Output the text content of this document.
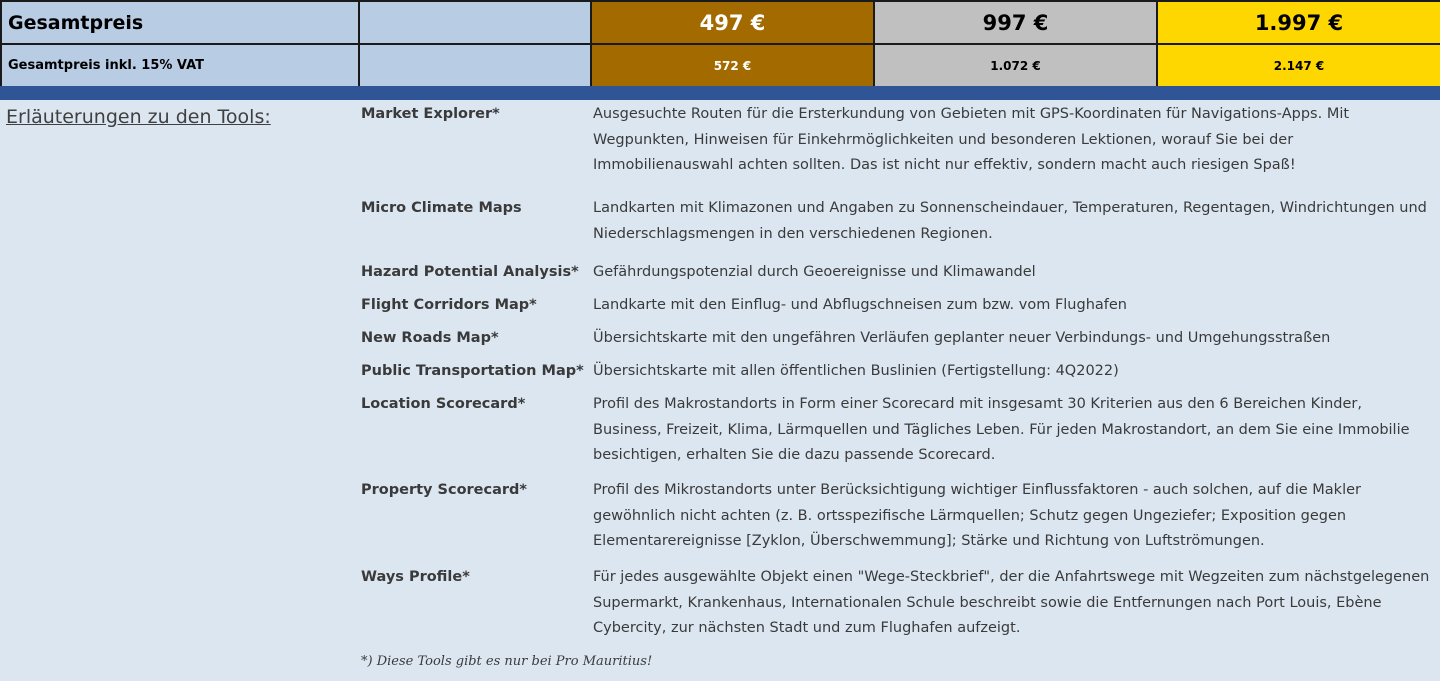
Gesamtpreis		497 €	997 €	1.997 €
Gesamtpreis inkl. 15% VAT		572 €	1.072 €	2.147 €
Erläuterungen zu den Tools:	Market Explorer*	Ausgesuchte Routen für die Ersterkundung von Gebieten mit GPS-Koordinaten für Navigations-Apps. Mit Wegpunkten, Hinweisen für Einkehrmöglichkeiten und besonderen Lektionen, worauf Sie bei der Immobilienauswahl achten sollten. Das ist nicht nur effektiv, sondern macht auch riesigen Spaß!
Micro Climate Maps	Landkarten mit Klimazonen und Angaben zu Sonnenscheindauer, Temperaturen, Regentagen, Windrichtungen und Niederschlagsmengen in den verschiedenen Regionen.
Hazard Potential Analysis* Gefährdungspotenzial durch Geoereignisse und Klimawandel
Flight Corridors Map*	Landkarte mit den Einflug- und Abflugschneisen zum bzw. vom Flughafen
New Roads Map*	Übersichtskarte mit den ungefähren Verläufen geplanter neuer Verbindungs- und Umgehungsstraßen
Public Transportation Map* Übersichtskarte mit allen öffentlichen Buslinien (Fertigstellung: 4Q2022)
Location Scorecard*	Profil des Makrostandorts in Form einer Scorecard mit insgesamt 30 Kriterien aus den 6 Bereichen Kinder, Business, Freizeit, Klima, Lärmquellen und Tägliches Leben. Für jeden Makrostandort, an dem Sie eine Immobilie besichtigen, erhalten Sie die dazu passende Scorecard.
Property Scorecard*	Profil des Mikrostandorts unter Berücksichtigung wichtiger Einflussfaktoren - auch solchen, auf die Makler gewöhnlich nicht achten (z. B. ortsspezifische Lärmquellen; Schutz gegen Ungeziefer; Exposition gegen Elementarereignisse [Zyklon, Überschwemmung]; Stärke und Richtung von Luftströmungen.
Ways Profile*	Für jedes ausgewählte Objekt einen "Wege-Steckbrief", der die Anfahrtswege mit Wegzeiten zum nächstgelegenen Supermarkt, Krankenhaus, Internationalen Schule beschreibt sowie die Entfernungen nach Port Louis, Ebène Cybercity, zur nächsten Stadt und zum Flughafen aufzeigt.
*) Diese Tools gibt es nur bei Pro Mauritius!
